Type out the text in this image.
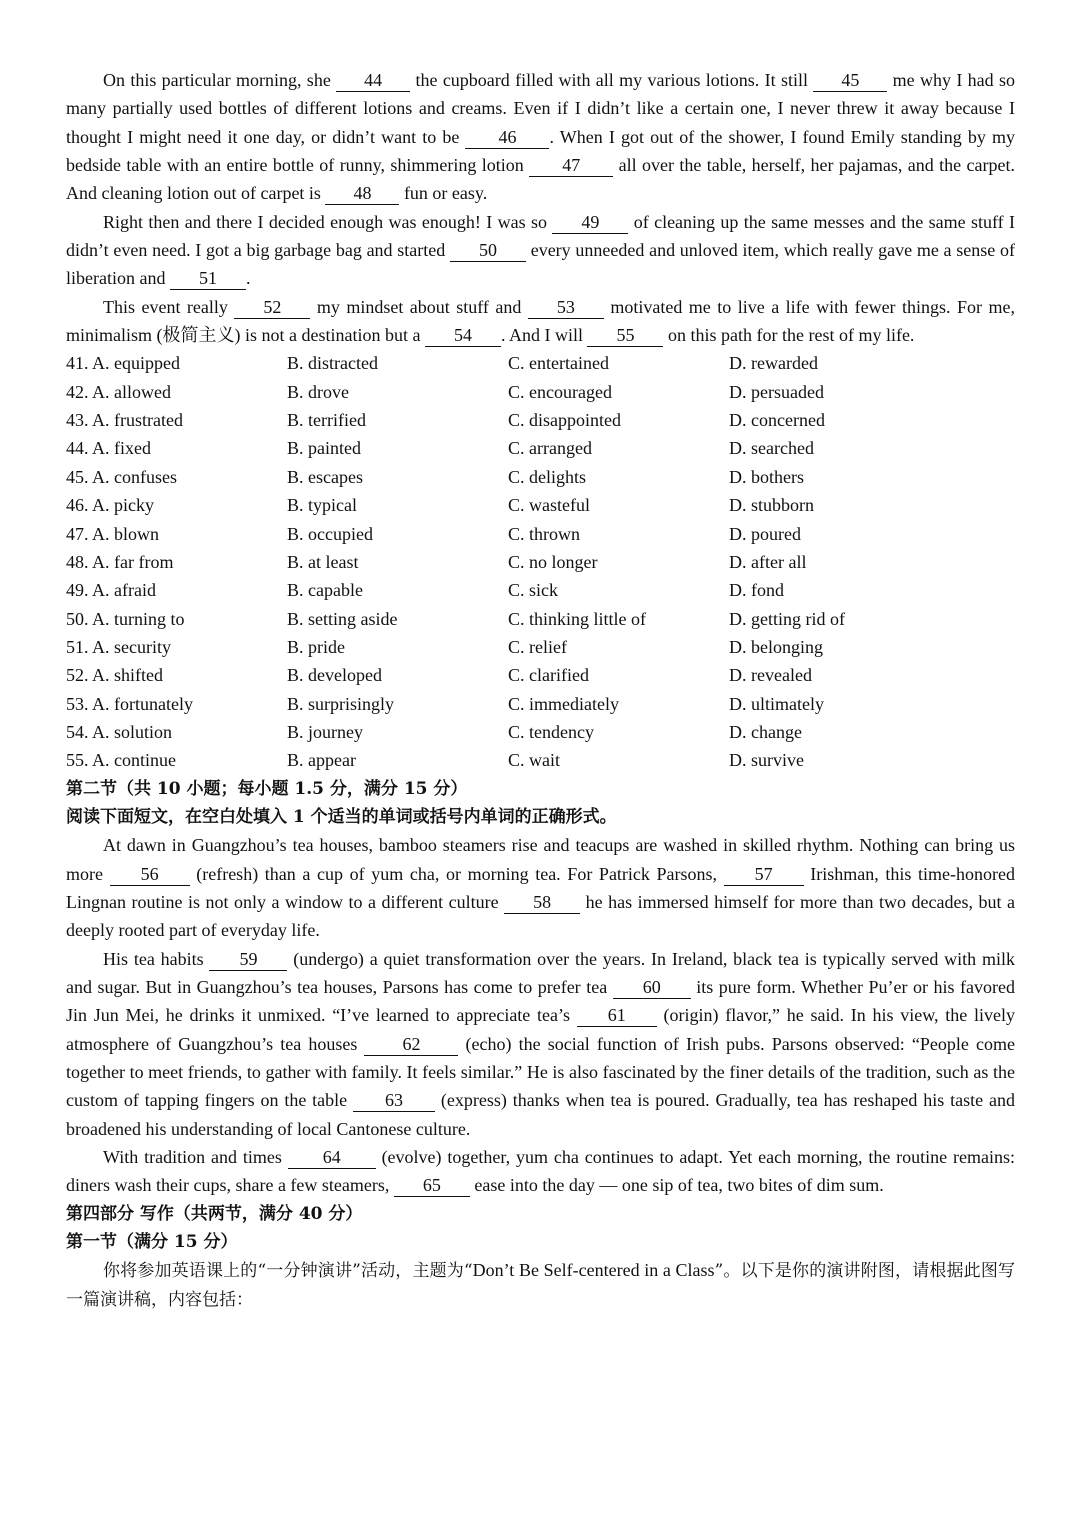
On this particular morning, she 44 the cupboard filled with all my various lotions. It still 45 me why I had so many partially used bottles of different lotions and creams. Even if I didn’t like a certain one, I never threw it away because I thought I might need it one day, or didn’t want to be 46 . When I got out of the shower, I found Emily standing by my bedside table with an entire bottle of runny, shimmering lotion 47 all over the table, herself, her pajamas, and the carpet. And cleaning lotion out of carpet is 48 fun or easy.

Right then and there I decided enough was enough! I was so 49 of cleaning up the same messes and the same stuff I didn’t even need. I got a big garbage bag and started 50 every unneeded and unloved item, which really gave me a sense of liberation and 51 .

This event really 52 my mindset about stuff and 53 motivated me to live a life with fewer things. For me, minimalism (极简主义) is not a destination but a 54 . And I will 55 on this path for the rest of my life.

41. A. equipped	B. distracted	C. entertained	D. rewarded
42. A. allowed	B. drove	C. encouraged	D. persuaded
43. A. frustrated	B. terrified	C. disappointed	D. concerned
44. A. fixed	B. painted	C. arranged	D. searched
45. A. confuses	B. escapes	C. delights	D. bothers
46. A. picky	B. typical	C. wasteful	D. stubborn
47. A. blown	B. occupied	C. thrown	D. poured
48. A. far from	B. at least	C. no longer	D. after all
49. A. afraid	B. capable	C. sick	D. fond
50. A. turning to	B. setting aside	C. thinking little of	D. getting rid of
51. A. security	B. pride	C. relief	D. belonging
52. A. shifted	B. developed	C. clarified	D. revealed
53. A. fortunately	B. surprisingly	C. immediately	D. ultimately
54. A. solution	B. journey	C. tendency	D. change
55. A. continue	B. appear	C. wait	D. survive

第二节（共 10 小题；每小题 1.5 分，满分 15 分）

阅读下面短文，在空白处填入 1 个适当的单词或括号内单词的正确形式。

At dawn in Guangzhou’s tea houses, bamboo steamers rise and teacups are washed in skilled rhythm. Nothing can bring us more 56 (refresh) than a cup of yum cha, or morning tea. For Patrick Parsons, 57 Irishman, this time-honored Lingnan routine is not only a window to a different culture 58 he has immersed himself for more than two decades, but a deeply rooted part of everyday life.

His tea habits 59 (undergo) a quiet transformation over the years. In Ireland, black tea is typically served with milk and sugar. But in Guangzhou’s tea houses, Parsons has come to prefer tea 60 its pure form. Whether Pu’er or his favored Jin Jun Mei, he drinks it unmixed. “I’ve learned to appreciate tea’s 61 (origin) flavor,” he said. In his view, the lively atmosphere of Guangzhou’s tea houses 62 (echo) the social function of Irish pubs. Parsons observed: “People come together to meet friends, to gather with family. It feels similar.” He is also fascinated by the finer details of the tradition, such as the custom of tapping fingers on the table 63 (express) thanks when tea is poured. Gradually, tea has reshaped his taste and broadened his understanding of local Cantonese culture.

With tradition and times 64 (evolve) together, yum cha continues to adapt. Yet each morning, the routine remains: diners wash their cups, share a few steamers, 65 ease into the day — one sip of tea, two bites of dim sum.

第四部分 写作（共两节，满分 40 分）

第一节（满分 15 分）

你将参加英语课上的“一分钟演讲”活动，主题为“Don’t Be Self-centered in a Class”。以下是你的演讲附图，请根据此图写一篇演讲稿，内容包括：
